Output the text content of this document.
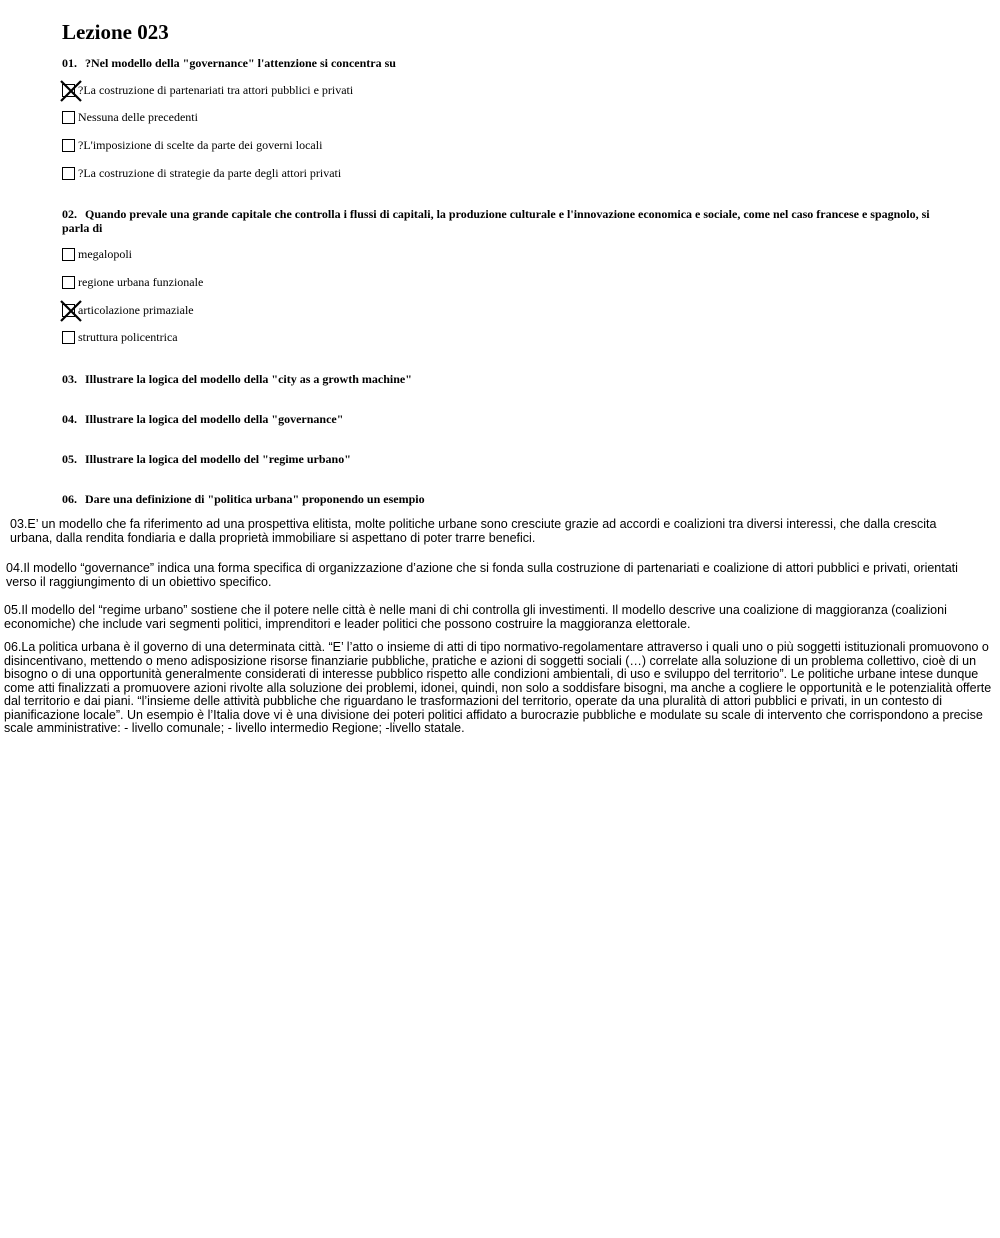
Lezione 023
01. ?Nel modello della "governance" l'attenzione si concentra su
?La costruzione di partenariati tra attori pubblici e privati
Nessuna delle precedenti
?L'imposizione di scelte da parte dei governi locali
?La costruzione di strategie da parte degli attori privati
02. Quando prevale una grande capitale che controlla i flussi di capitali, la produzione culturale e l'innovazione economica e sociale, come nel caso francese e spagnolo, si parla di
megalopoli
regione urbana funzionale
articolazione primaziale
struttura policentrica
03. Illustrare la logica del modello della "city as a growth machine"
04. Illustrare la logica del modello della "governance"
05. Illustrare la logica del modello del "regime urbano"
06. Dare una definizione di "politica urbana" proponendo un esempio

03.E’ un modello che fa riferimento ad una prospettiva elitista, molte politiche urbane sono cresciute grazie ad accordi e coalizioni tra diversi interessi, che dalla crescita urbana, dalla rendita fondiaria e dalla proprietà immobiliare si aspettano di poter trarre benefici.

04.Il modello “governance” indica una forma specifica di organizzazione d’azione che si fonda sulla costruzione di partenariati e coalizione di attori pubblici e privati, orientati verso il raggiungimento di un obiettivo specifico.

05.Il modello del “regime urbano” sostiene che il potere nelle città è nelle mani di chi controlla gli investimenti. Il modello descrive una coalizione di maggioranza (coalizioni economiche) che include vari segmenti politici, imprenditori e leader politici che possono costruire la maggioranza elettorale.

06.La politica urbana è il governo di una determinata città. “E’ l’atto o insieme di atti di tipo normativo-regolamentare attraverso i quali uno o più soggetti istituzionali promuovono o disincentivano, mettendo o meno adisposizione risorse finanziarie pubbliche, pratiche e azioni di soggetti sociali (…) correlate alla soluzione di un problema collettivo, cioè di un bisogno o di una opportunità generalmente considerati di interesse pubblico rispetto alle condizioni ambientali, di uso e sviluppo del territorio”. Le politiche urbane intese dunque come atti finalizzati a promuovere azioni rivolte alla soluzione dei problemi, idonei, quindi, non solo a soddisfare bisogni, ma anche a cogliere le opportunità e le potenzialità offerte dal territorio e dai piani. “l’insieme delle attività pubbliche che riguardano le trasformazioni del territorio, operate da una pluralità di attori pubblici e privati, in un contesto di pianificazione locale”. Un esempio è l’Italia dove vi è una divisione dei poteri politici affidato a burocrazie pubbliche e modulate su scale di intervento che corrispondono a precise scale amministrative: - livello comunale; - livello intermedio Regione; -livello statale.
